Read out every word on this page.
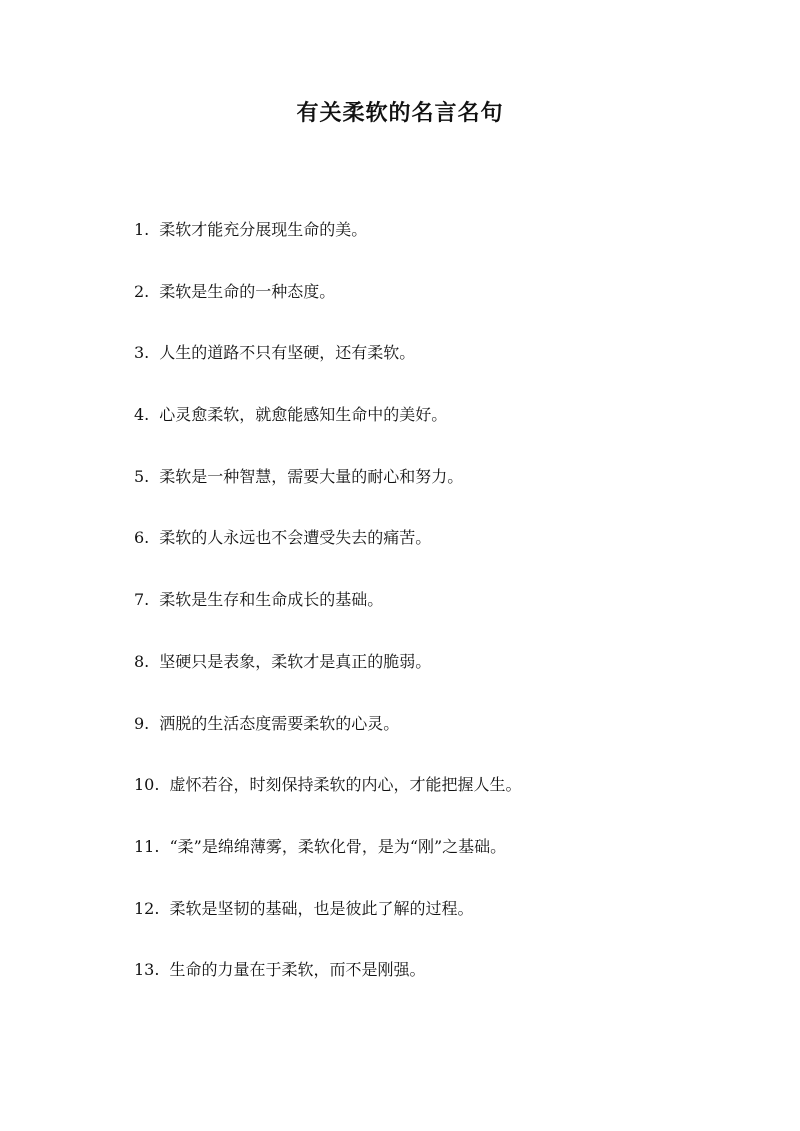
有关柔软的名言名句
1. 柔软才能充分展现生命的美。
2. 柔软是生命的一种态度。
3. 人生的道路不只有坚硬，还有柔软。
4. 心灵愈柔软，就愈能感知生命中的美好。
5. 柔软是一种智慧，需要大量的耐心和努力。
6. 柔软的人永远也不会遭受失去的痛苦。
7. 柔软是生存和生命成长的基础。
8. 坚硬只是表象，柔软才是真正的脆弱。
9. 洒脱的生活态度需要柔软的心灵。
10. 虚怀若谷，时刻保持柔软的内心，才能把握人生。
11. “柔”是绵绵薄雾，柔软化骨，是为“刚”之基础。
12. 柔软是坚韧的基础，也是彼此了解的过程。
13. 生命的力量在于柔软，而不是刚强。
